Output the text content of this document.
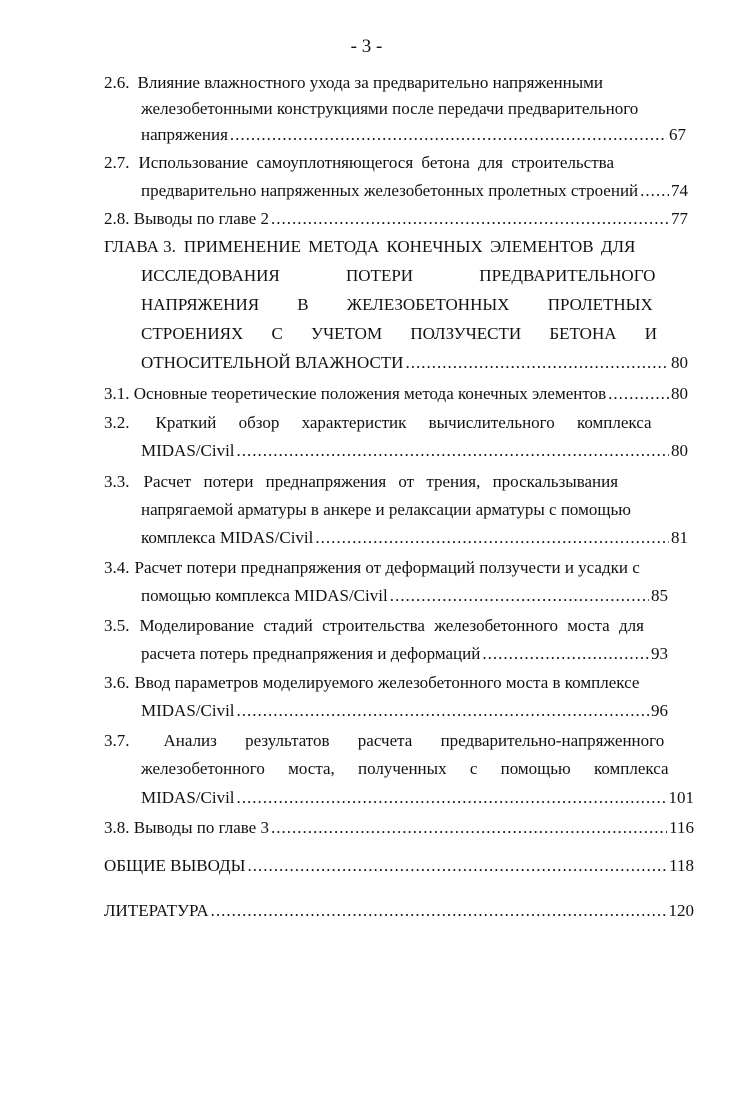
- 3 -
2.6. Влияние влажностного ухода за предварительно напряженными
железобетонными конструкциями после передачи предварительного
напряжения .....	67
2.7. Использование самоуплотняющегося бетона для строительства
предварительно напряженных железобетонных пролетных строений ..... 74
2.8.
Выводы по главе 2 .....	77
ГЛАВА 3. ПРИМЕНЕНИЕ МЕТОДА КОНЕЧНЫХ ЭЛЕМЕНТОВ ДЛЯ
ИССЛЕДОВАНИЯ ПОТЕРИ ПРЕДВАРИТЕЛЬНОГО
НАПРЯЖЕНИЯ В ЖЕЛЕЗОБЕТОННЫХ ПРОЛЕТНЫХ
СТРОЕНИЯХ С УЧЕТОМ ПОЛЗУЧЕСТИ БЕТОНА И
ОТНОСИТЕЛЬНОЙ ВЛАЖНОСТИ .....	80
3.1.
Основные теоретические положения метода конечных элементов .....	80
3.2. Краткий обзор характеристик вычислительного комплекса
MIDAS/Civil .....	80
3.3. Расчет потери преднапряжения от трения, проскальзывания
напрягаемой арматуры в анкере и релаксации арматуры с помощью
комплекса MIDAS/Civil .....	81
3.4. Расчет потери преднапряжения от деформаций ползучести и усадки с
помощью комплекса MIDAS/Civil .....	85
3.5. Моделирование стадий строительства железобетонного моста для
расчета потерь преднапряжения и деформаций .....	93
3.6. Ввод параметров моделируемого железобетонного моста в комплексе
MIDAS/Civil .....	96
3.7. Анализ результатов расчета предварительно-напряженного
железобетонного моста, полученных с помощью комплекса
MIDAS/Civil .....	101
3.8.
Выводы по главе 3 .....	116
ОБЩИЕ ВЫВОДЫ .....	118
ЛИТЕРАТУРА .....	120
